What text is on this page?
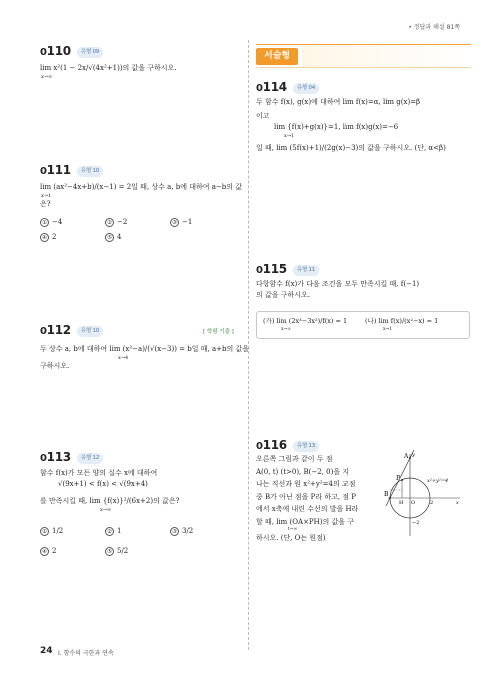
• 정답과 해설 81쪽
0110 유형 09
lim x²(1 − 2x/√(4x²+1))의 값을 구하시오.
x→∞
0111 유형 10
lim (ax²−4x+b)/(x−1) = 2일 때, 상수 a, b에 대하여 a−b의 값
x→1
은?
① −4	② −2	③ −1
④ 2	⑤ 4
0112 유형 10	[ 학평 기출 ]
두 상수 a, b에 대하여 lim (x²−a)/(√(x−3)) = b일 때, a+b의 값을
x→4
구하시오.
0113 유형 12
함수 f(x)가 모든 양의 실수 x에 대하여
√(9x+1) < f(x) < √(9x+4)
를 만족시킬 때, lim {f(x)}²/(6x+2)의 값은?
x→∞
① 1/2	② 1	③ 3/2
④ 2	⑤ 5/2
서술형
0114 유형 04
두 함수 f(x), g(x)에 대하여 lim f(x)=α, lim g(x)=β
이고
lim {f(x)+g(x)}=1, lim f(x)g(x)=−6
x→1
일 때, lim (5f(x)+1)/(2g(x)−3)의 값을 구하시오. (단, α<β)
0115 유형 11
다항함수 f(x)가 다음 조건을 모두 만족시킬 때, f(−1)
의 값을 구하시오.
(가) lim (2x³−3x²)/f(x) = 1
x→∞
(나) lim f(x)/(x²−x) = 1
x→1
0116 유형 13
오른쪽 그림과 같이 두 점
A(0, t) (t>0), B(−2, 0)을 지
나는 직선과 원 x²+y²=4의 교점
중 B가 아닌 점을 P라 하고, 점 P
에서 x축에 내린 수선의 발을 H라
할 때, lim (OA×PH)의 값을 구
t→∞
하시오. (단, O는 원점)
A
P
B
H O
x²+y²=4
2
−2
x
y
24 Ⅰ. 함수의 극한과 연속
